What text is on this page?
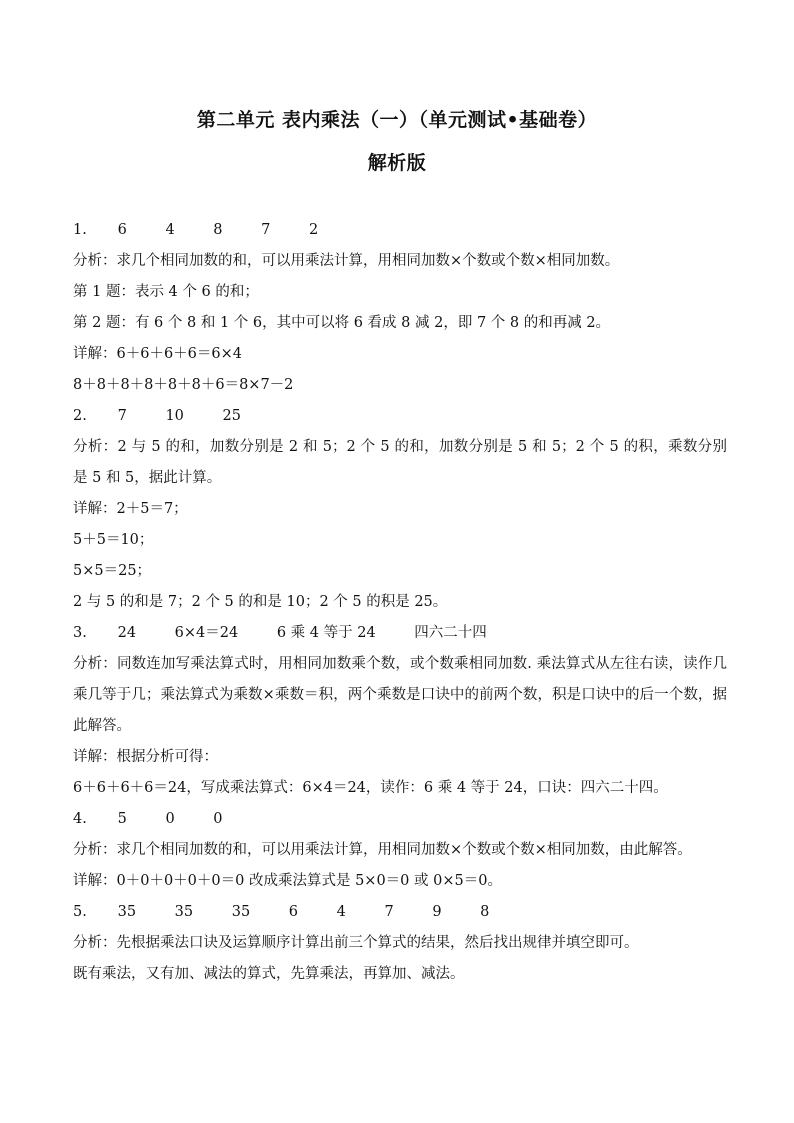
第二单元 表内乘法（一）（单元测试•基础卷）
解析版
1. 6	4	8	7	2
分析：求几个相同加数的和，可以用乘法计算，用相同加数×个数或个数×相同加数。
第 1 题：表示 4 个 6 的和；
第 2 题：有 6 个 8 和 1 个 6，其中可以将 6 看成 8 减 2，即 7 个 8 的和再减 2。
详解：6＋6＋6＋6＝6×4
8＋8＋8＋8＋8＋8＋6＝8×7－2
2. 7	10	25
分析：2 与 5 的和，加数分别是 2 和 5；2 个 5 的和，加数分别是 5 和 5；2 个 5 的积，乘数分别是 5 和 5，据此计算。
详解：2＋5＝7；
5＋5＝10；
5×5＝25；
2 与 5 的和是 7；2 个 5 的和是 10；2 个 5 的积是 25。
3. 24	6×4＝24	6 乘 4 等于 24	四六二十四
分析：同数连加写乘法算式时，用相同加数乘个数，或个数乘相同加数. 乘法算式从左往右读，读作几乘几等于几；乘法算式为乘数×乘数＝积，两个乘数是口诀中的前两个数，积是口诀中的后一个数，据此解答。
详解：根据分析可得：
6＋6＋6＋6＝24，写成乘法算式：6×4＝24，读作：6 乘 4 等于 24，口诀：四六二十四。
4. 5	0	0
分析：求几个相同加数的和，可以用乘法计算，用相同加数×个数或个数×相同加数，由此解答。
详解：0＋0＋0＋0＋0＝0 改成乘法算式是 5×0＝0 或 0×5＝0。
5. 35	35	35	6	4	7	9	8
分析：先根据乘法口诀及运算顺序计算出前三个算式的结果，然后找出规律并填空即可。
既有乘法，又有加、减法的算式，先算乘法，再算加、减法。
